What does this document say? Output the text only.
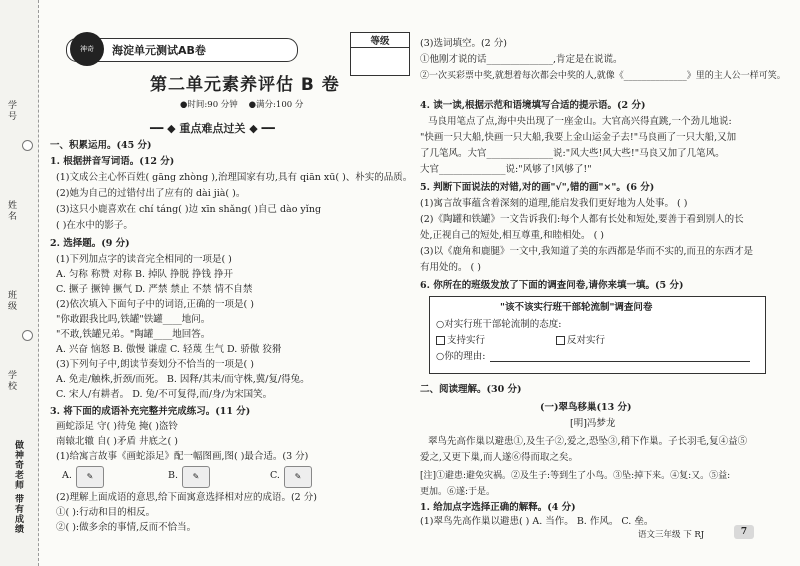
学号
姓名
班级
学校
做神奇老师 带有成绩
神奇	海淀单元测试AB卷
等级
第二单元素养评估 B 卷
●时间:90 分钟 ●满分:100 分
━━ ◆ 重点难点过关 ◆ ━━
一、积累运用。(45 分)
1. 根据拼音写词语。(12 分)
(1)文成公主心怀百姓( gāng zhòng ),治理国家有功,具有 qiān xū( )、朴实的品质。
(2)她为自己的过错付出了应有的 dài jià( )。
(3)这只小鹿喜欢在 chí táng( )边 xīn shǎng( )自己 dào yǐng
( )在水中的影子。
2. 选择题。(9 分)
(1)下列加点字的读音完全相同的一项是( )
A. 匀称 称赞 对称 B. 掉队 挣脱 挣钱 挣开
C. 撅子 撅钟 撅气 D. 严禁 禁止 不禁 情不自禁
(2)依次填入下面句子中的词语,正确的一项是( )
"你敢跟我比吗,铁罐"铁罐____地问。
"不敢,铁罐兄弟。"陶罐____地回答。
A. 兴奋 恼怒 B. 傲慢 谦虚 C. 轻蔑 生气 D. 骄傲 狡猾
(3)下列句子中,朗读节奏划分不恰当的一项是( )
A. 免走/触株,折颈/而死。 B. 因释/其耒/而守株,冀/复/得兔。
C. 宋人/有耕者。 D. 兔/不可复得,而/身/为宋国笑。
3. 将下面的成语补充完整并完成练习。(11 分)
画蛇添足 守( )待兔 掩( )盗铃
南辕北辙 自( )矛盾 井底之( )
(1)给寓言故事《画蛇添足》配一幅图画,图( )最合适。(3 分)
A.	✎	B.	✎	C.	✎
(2)理解上面成语的意思,给下面寓意选择相对应的成语。(2 分)
①( ):行动和目的相反。
②( ):做多余的事情,反而不恰当。
(3)选词填空。(2 分)
①他刚才说的话______________,肯定是在说谎。
②一次买彩票中奖,就想着每次都会中奖的人,就像《______________》里的主人公一样可笑。
4. 读一读,根据示范和语境填写合适的提示语。(2 分)
马良用笔点了点,海中央出现了一座金山。大官高兴得直跳,一个劲儿地说:
"快画一只大船,快画一只大船,我要上金山运金子去!"马良画了一只大船,又加
了几笔风。大官______________说:"风大些!风大些!"马良又加了几笔风。
大官______________说:"风够了!风够了!"
5. 判断下面说法的对错,对的画"√",错的画"×"。(6 分)
(1)寓言故事蕴含着深刻的道理,能启发我们更好地为人处事。 ( )
(2)《陶罐和铁罐》一文告诉我们:每个人都有长处和短处,要善于看到别人的长
处,正视自己的短处,相互尊重,和睦相处。 ( )
(3)以《鹿角和鹿腿》一文中,我知道了美的东西都是华而不实的,而丑的东西才是
有用处的。 ( )
6. 你所在的班级发放了下面的调查问卷,请你来填一填。(5 分)
"该不该实行班干部轮流制"调查问卷
○对实行班干部轮流制的态度:
支持实行	反对实行
○你的理由:
二、阅读理解。(30 分)
(一)翠鸟移巢(13 分)
[明]冯梦龙
翠鸟先高作巢以避患①,及生子②,爱之,恐坠③,稍下作巢。子长羽毛,复④益⑤
爱之,又更下巢,而人遂⑥得而取之矣。
[注]①避患:避免灾祸。②及生子:等到生了小鸟。③坠:掉下来。④复:又。⑤益:
更加。⑥遂:于是。
1. 给加点字选择正确的解释。(4 分)
(1)翠鸟先高作巢以避患( ) A. 当作。 B. 作风。 C. 垒。
语文三年级 下 RJ	7
